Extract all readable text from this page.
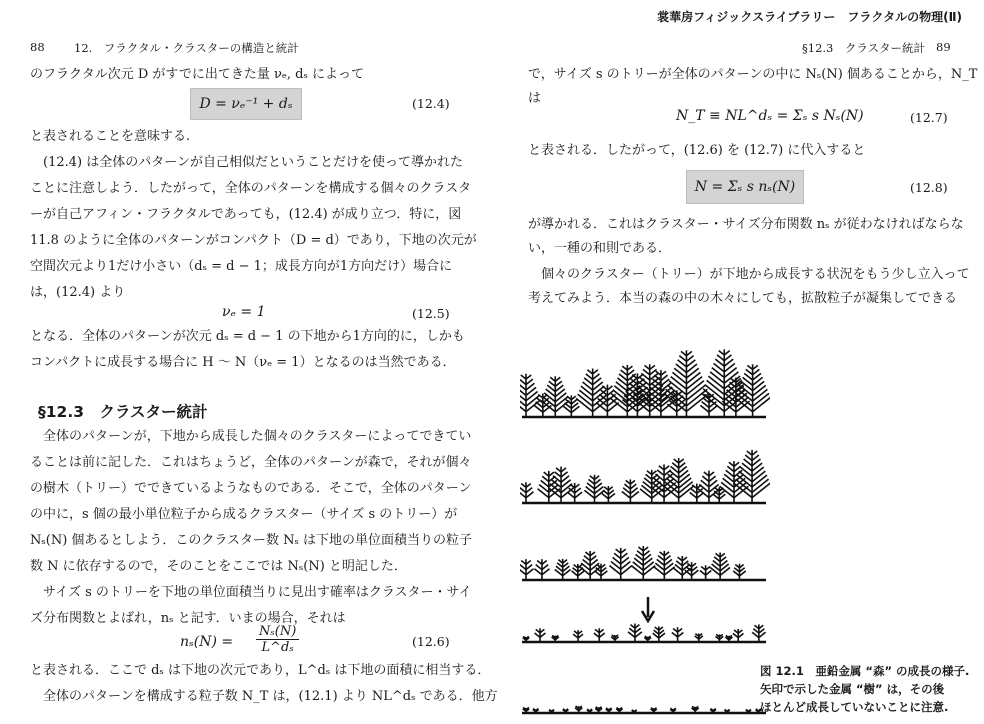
88	12.　フラクタル・クラスターの構造と統計
のフラクタル次元 D がすでに出てきた量 νₑ, dₛ によって
D = νₑ⁻¹ + dₛ	(12.4)
と表されることを意味する.
　(12.4) は全体のパターンが自己相似だということだけを使って導かれた
ことに注意しよう．したがって，全体のパターンを構成する個々のクラスタ
ーが自己アフィン・フラクタルであっても，(12.4) が成り立つ．特に，図
11.8 のように全体のパターンがコンパクト（D = d）であり，下地の次元が
空間次元より1だけ小さい（dₛ = d − 1；成長方向が1方向だけ）場合に
は，(12.4) より
νₑ = 1	(12.5)
となる．全体のパターンが次元 dₛ = d − 1 の下地から1方向的に，しかも
コンパクトに成長する場合に H ～ N（νₑ = 1）となるのは当然である．
§12.3　クラスター統計
　全体のパターンが，下地から成長した個々のクラスターによってできてい
ることは前に記した．これはちょうど，全体のパターンが森で，それが個々
の樹木（トリー）でできているようなものである．そこで，全体のパターン
の中に，s 個の最小単位粒子から成るクラスター（サイズ s のトリー）が
Nₛ(N) 個あるとしよう．このクラスター数 Nₛ は下地の単位面積当りの粒子
数 N に依存するので，そのことをここでは Nₛ(N) と明記した．
　サイズ s のトリーを下地の単位面積当りに見出す確率はクラスター・サイ
ズ分布関数とよばれ，nₛ と記す．いまの場合，それは
$n_s(N) = \frac{\text{Nₛ(N)}}{\text{L\textasciicircum{}dₛ}}$	(12.6)
と表される．ここで dₛ は下地の次元であり，L^dₛ は下地の面積に相当する．
　全体のパターンを構成する粒子数 N_T は，(12.1) より NL^dₛ である．他方
裳華房フィジックスライブラリー　フラクタルの物理(Ⅱ)
§12.3　クラスター統計 89
で，サイズ s のトリーが全体のパターンの中に Nₛ(N) 個あることから，N_T
は
N_T ≡ NL^dₛ = Σₛ s Nₛ(N)	(12.7)
と表される．したがって，(12.6) を (12.7) に代入すると
N = Σₛ s nₛ(N)	(12.8)
が導かれる．これはクラスター・サイズ分布関数 nₛ が従わなければならな
い，一種の和則である．
　個々のクラスター（トリー）が下地から成長する状況をもう少し立入って
考えてみよう．本当の森の中の木々にしても，拡散粒子が凝集してできる
図 12.1　亜鉛金属 “森” の成長の様子.
矢印で示した金属 “樹” は，その後
ほとんど成長していないことに注意.
